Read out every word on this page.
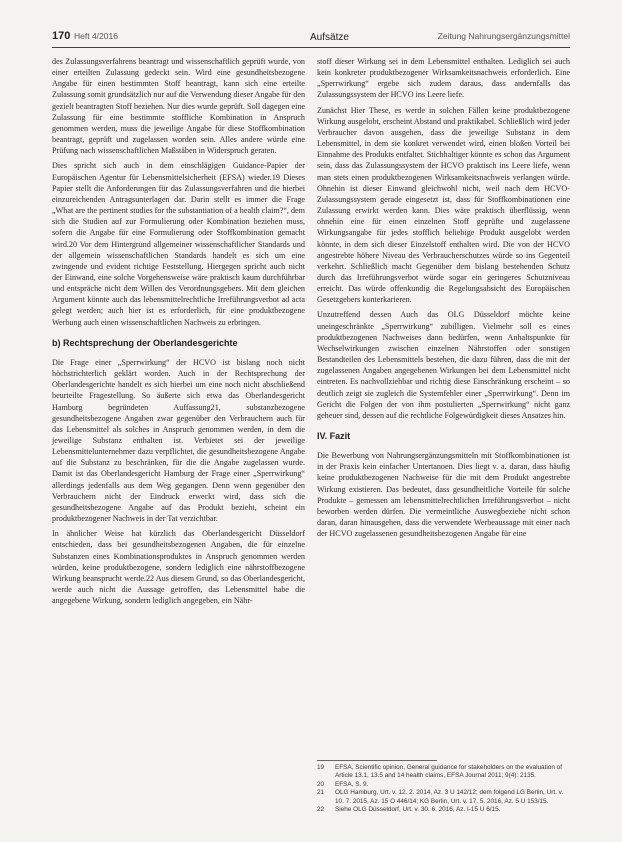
170 Heft 4/2016	Aufsätze	Zeitung Nahrungsergänzungsmittel

des Zulassungsverfahrens beantragt und wissenschaftlich geprüft wurde, von einer erteilten Zulassung gedeckt sein. Wird eine gesundheitsbezogene Angabe für einen bestimmten Stoff beantragt, kann sich eine erteilte Zulassung somit grundsätzlich nur auf die Verwendung dieser Angabe für den gezielt beantragten Stoff beziehen. Nur dies wurde geprüft. Soll dagegen eine Zulassung für eine bestimmte stoffliche Kombination in Anspruch genommen werden, muss die jeweilige Angabe für diese Stoffkombination beantragt, geprüft und zugelassen worden sein. Alles andere würde eine Prüfung nach wissenschaftlichen Maßstäben in Widerspruch geraten.

Dies spricht sich auch in dem einschlägigen Guidance-Papier der Europäischen Agentur für Lebensmittelsicherheit (EFSA) wieder.19 Dieses Papier stellt die Anforderungen für das Zulassungsverfahren und die hierbei einzureichenden Antragsunterlagen dar. Darin stellt es immer die Frage „What are the pertinent studies for the substantiation of a health claim?“, dem sich die Studien auf zur Formulierung oder Kombination beziehen muss, sofern die Angabe für eine Formulierung oder Stoffkombination gemacht wird.20 Vor dem Hintergrund allgemeiner wissenschaftlicher Standards und der allgemein wissenschaftlichen Standards handelt es sich um eine zwingende und evident richtige Feststellung. Hiergegen spricht auch nicht der Einwand, eine solche Vorgehensweise wäre praktisch kaum durchführbar und entspräche nicht dem Willen des Verordnungsgebers. Mit dem gleichen Argument könnte auch das lebensmittelrechtliche Irreführungsverbot ad acta gelegt werden; auch hier ist es erforderlich, für eine produktbezogene Werbung auch einen wissenschaftlichen Nachweis zu erbringen.

b) Rechtsprechung der Oberlandesgerichte

Die Frage einer „Sperrwirkung“ der HCVO ist bislang noch nicht höchstrichterlich geklärt worden. Auch in der Rechtsprechung der Oberlandesgerichte handelt es sich hierbei um eine noch nicht abschließend beurteilte Fragestellung. So äußerte sich etwa das Oberlandesgericht Hamburg begründeten Auffassung21, substanzbezogene gesundheitsbezogene Angaben zwar gegenüber den Verbrauchern auch für das Lebensmittel als solches in Anspruch genommen werden, in dem die jeweilige Substanz enthalten ist. Verbietet sei der jeweilige Lebensmittelunternehmer dazu verpflichtet, die gesundheitsbezogene Angabe auf die Substanz zu beschränken, für die die Angabe zugelassen wurde. Damit ist das Oberlandesgericht Hamburg der Frage einer „Sperrwirkung“ allerdings jedenfalls aus dem Weg gegangen. Denn wenn gegenüber den Verbrauchern nicht der Eindruck erweckt wird, dass sich die gesundheitsbezogene Angabe auf das Produkt bezieht, scheint ein produktbezogener Nachweis in der Tat verzichtbar.

In ähnlicher Weise hat kürzlich das Oberlandesgericht Düsseldorf entschieden, dass bei gesundheitsbezogenen Angaben, die für einzelne Substanzen eines Kombinationsproduktes in Anspruch genommen werden würden, keine produktbezogene, sondern lediglich eine nährstoffbezogene Wirkung beansprucht werde.22 Aus diesem Grund, so das Oberlandesgericht, werde auch nicht die Aussage getroffen, das Lebensmittel habe die angegebene Wirkung, sondern lediglich angegeben, ein Nähr-

stoff dieser Wirkung sei in dem Lebensmittel enthalten. Lediglich sei auch kein konkreter produktbezogener Wirksamkeitsnachweis erforderlich. Eine „Sperrwirkung“ ergebe sich zudem daraus, dass andernfalls das Zulassungssystem der HCVO ins Leere liefe.

Zunächst Hier These, es werde in solchen Fällen keine produktbezogene Wirkung ausgelobt, erscheint Abstand und praktikabel. Schließlich wird jeder Verbraucher davon ausgehen, dass die jeweilige Substanz in dem Lebensmittel, in dem sie konkret verwendet wird, einen bloßen Vorteil bei Einnahme des Produkts entfaltet. Stichhaltiger könnte es schon das Argument sein, dass das Zulassungssystem der HCVO praktisch ins Leere liefe, wenn man stets einen produktbezogenen Wirksamkeitsnachweis verlangen würde. Ohnehin ist dieser Einwand gleichwohl nicht, weil nach dem HCVO-Zulassungssystem gerade eingesetzt ist, dass für Stoffkombinationen eine Zulassung erwirkt werden kann. Dies wäre praktisch überflüssig, wenn ohnehin eine für einen einzelnen Stoff geprüfte und zugelassene Wirkungsangabe für jedes stofflich beliebige Produkt ausgelobt werden könnte, in dem sich dieser Einzelstoff enthalten wird. Die von der HCVO angestrebte höhere Niveau des Verbraucherschutzes würde so ins Gegenteil verkehrt. Schließlich macht Gegenüber dem bislang bestehenden Schutz durch das Irreführungsverbot würde sogar ein geringeres Schutzniveau erreicht. Das würde offenkundig die Regelungsabsicht des Europäischen Gesetzgebers konterkarieren.

Unzutreffend dessen Auch das OLG Düsseldorf möchte keine uneingeschränkte „Sperrwirkung“ zubilligen. Vielmehr soll es eines produktbezogenen Nachweises dann bedürfen, wenn Anhaltspunkte für Wechselwirkungen zwischen einzelnen Nährstoffen oder sonstigen Bestandteilen des Lebensmittels bestehen, die dazu führen, dass die mit der zugelassenen Angaben angegebenen Wirkungen bei dem Lebensmittel nicht eintreten. Es nachvollziehbar und richtig diese Einschränkung erscheint – so deutlich zeigt sie zugleich die Systemfehler einer „Sperrwirkung“. Denn im Gericht die Folgen der von ihm postulierten „Sperrwirkung“ nicht ganz geheuer sind, dessen auf die rechtliche Folgewürdigkeit dieses Ansatzes hin.

IV. Fazit

Die Bewerbung von Nahrungsergänzungsmitteln mit Stoffkombinationen ist in der Praxis kein einfacher Untertanoen. Dies liegt v. a. daran, dass häufig keine produktbezogenen Nachweise für die mit dem Produkt angestrebte Wirkung existieren. Das bedeutet, dass gesundheitliche Vorteile für solche Produkte – gemessen am lebensmittelrechtlichen Irreführungsverbot – nicht beworben werden dürfen. Die vermeintliche Auswegbeziehe nicht schon daran, daran hinausgehen, dass die verwendete Werbeaussage mit einer nach der HCVO zugelassenen gesundheitsbezogenen Angabe für eine

19	EFSA, Scientific opinion, General guidance for stakeholders on the evaluation of Article 13.1, 13.5 and 14 health claims, EFSA Journal 2011; 9(4): 2135.
20	EFSA, S. 9.
21	OLG Hamburg, Urt. v. 12. 2. 2014, Az. 3 U 142/12; dem folgend LG Berlin, Urt. v. 10. 7. 2015, Az. 15 O 446/14; KG Berlin, Urt. v. 17. 5. 2016, Az. 5 U 153/15.
22	Siehe OLG Düsseldorf, Urt. v. 30. 6. 2016, Az. I-15 U 6/15.
